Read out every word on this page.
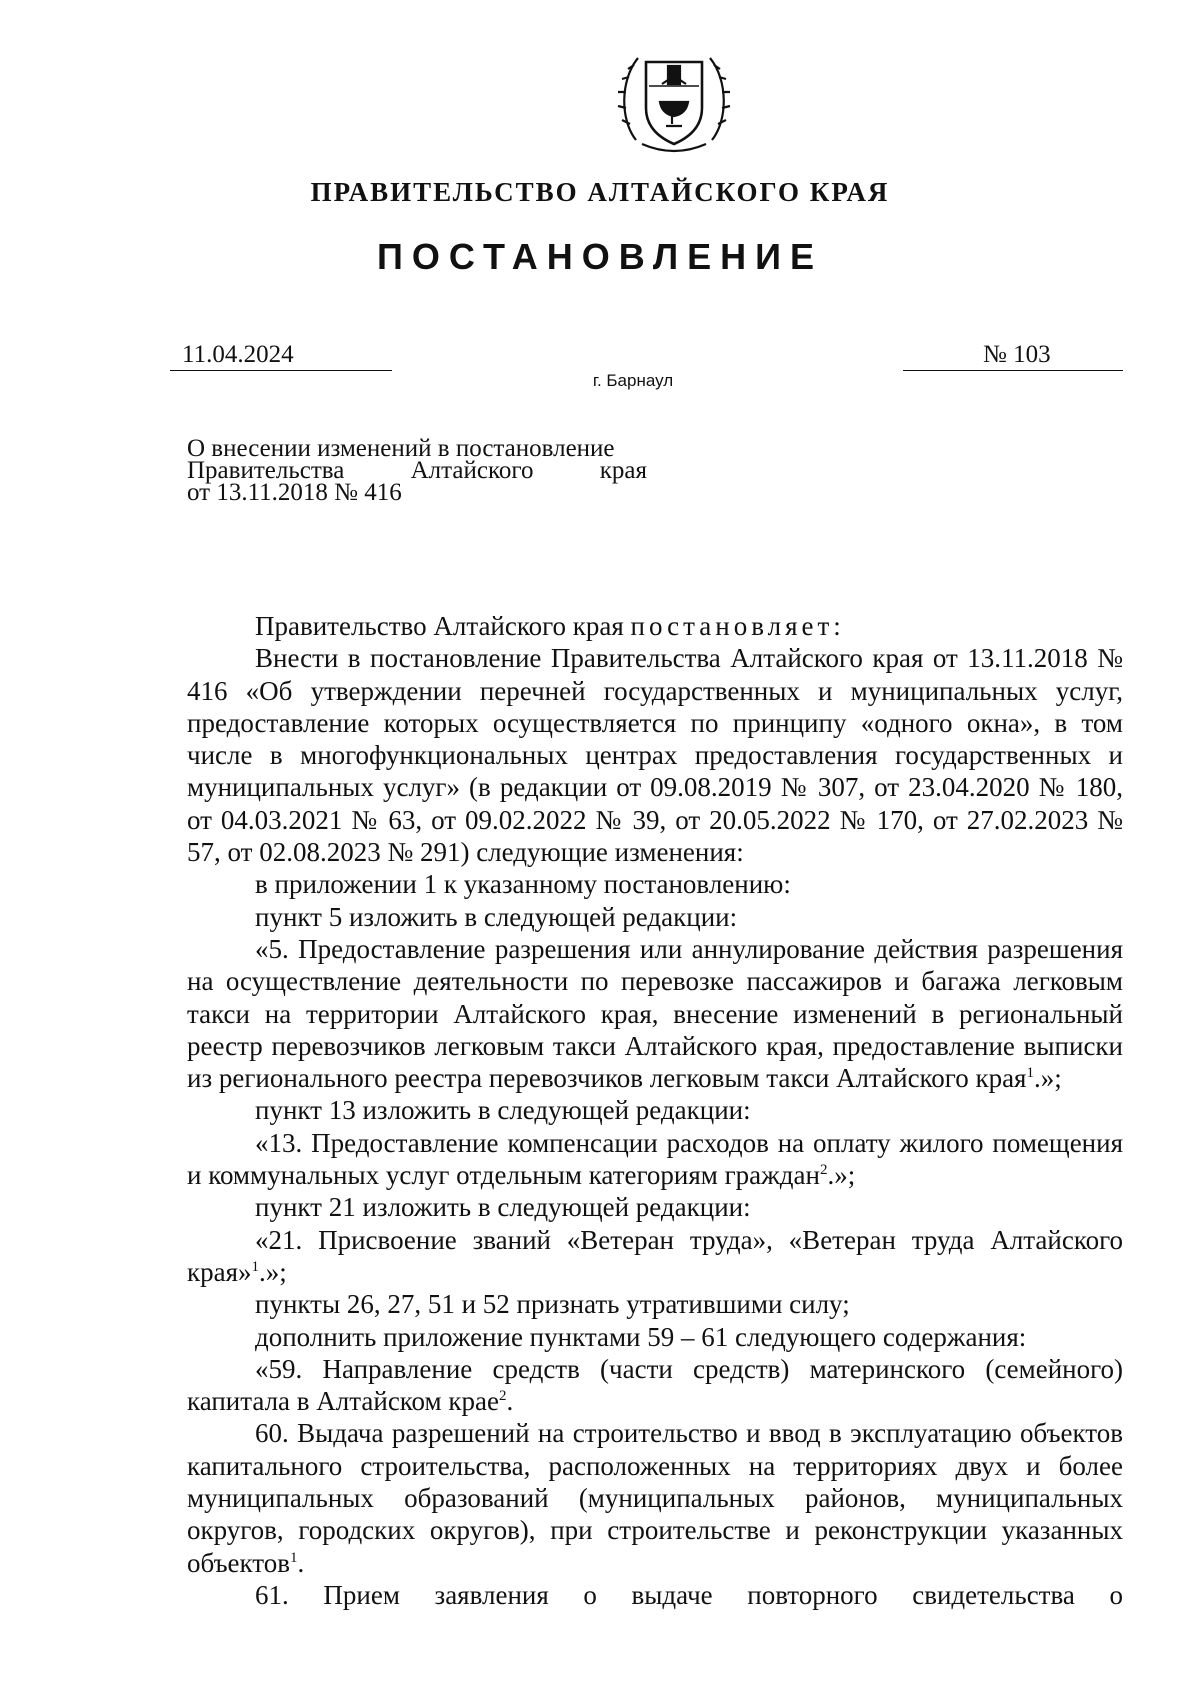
ПРАВИТЕЛЬСТВО АЛТАЙСКОГО КРАЯ
ПОСТАНОВЛЕНИЕ
11.04.2024	№ 103
г. Барнаул
О внесении изменений в постановление
Правительства Алтайского края
от 13.11.2018 № 416

Правительство Алтайского края постановляет:

Внести в постановление Правительства Алтайского края от 13.11.2018 № 416 «Об утверждении перечней государственных и муниципальных услуг, предоставление которых осуществляется по принципу «одного окна», в том числе в многофункциональных центрах предоставления государственных и муниципальных услуг» (в редакции от 09.08.2019 № 307, от 23.04.2020 № 180, от 04.03.2021 № 63, от 09.02.2022 № 39, от 20.05.2022 № 170, от 27.02.2023 № 57, от 02.08.2023 № 291) следующие изменения:

в приложении 1 к указанному постановлению:

пункт 5 изложить в следующей редакции:

«5. Предоставление разрешения или аннулирование действия разрешения на осуществление деятельности по перевозке пассажиров и багажа легковым такси на территории Алтайского края, внесение изменений в региональный реестр перевозчиков легковым такси Алтайского края, предоставление выписки из регионального реестра перевозчиков легковым такси Алтайского края$^1$.»;

пункт 13 изложить в следующей редакции:

«13. Предоставление компенсации расходов на оплату жилого помещения и коммунальных услуг отдельным категориям граждан$^2$.»;

пункт 21 изложить в следующей редакции:

«21. Присвоение званий «Ветеран труда», «Ветеран труда Алтайского края»$^1$.»;

пункты 26, 27, 51 и 52 признать утратившими силу;

дополнить приложение пунктами 59 – 61 следующего содержания:

«59. Направление средств (части средств) материнского (семейного) капитала в Алтайском крае$^2$.

60. Выдача разрешений на строительство и ввод в эксплуатацию объектов капитального строительства, расположенных на территориях двух и более муниципальных образований (муниципальных районов, муниципальных округов, городских округов), при строительстве и реконструкции указанных объектов$^1$.

61. Прием заявления о выдаче повторного свидетельства о
